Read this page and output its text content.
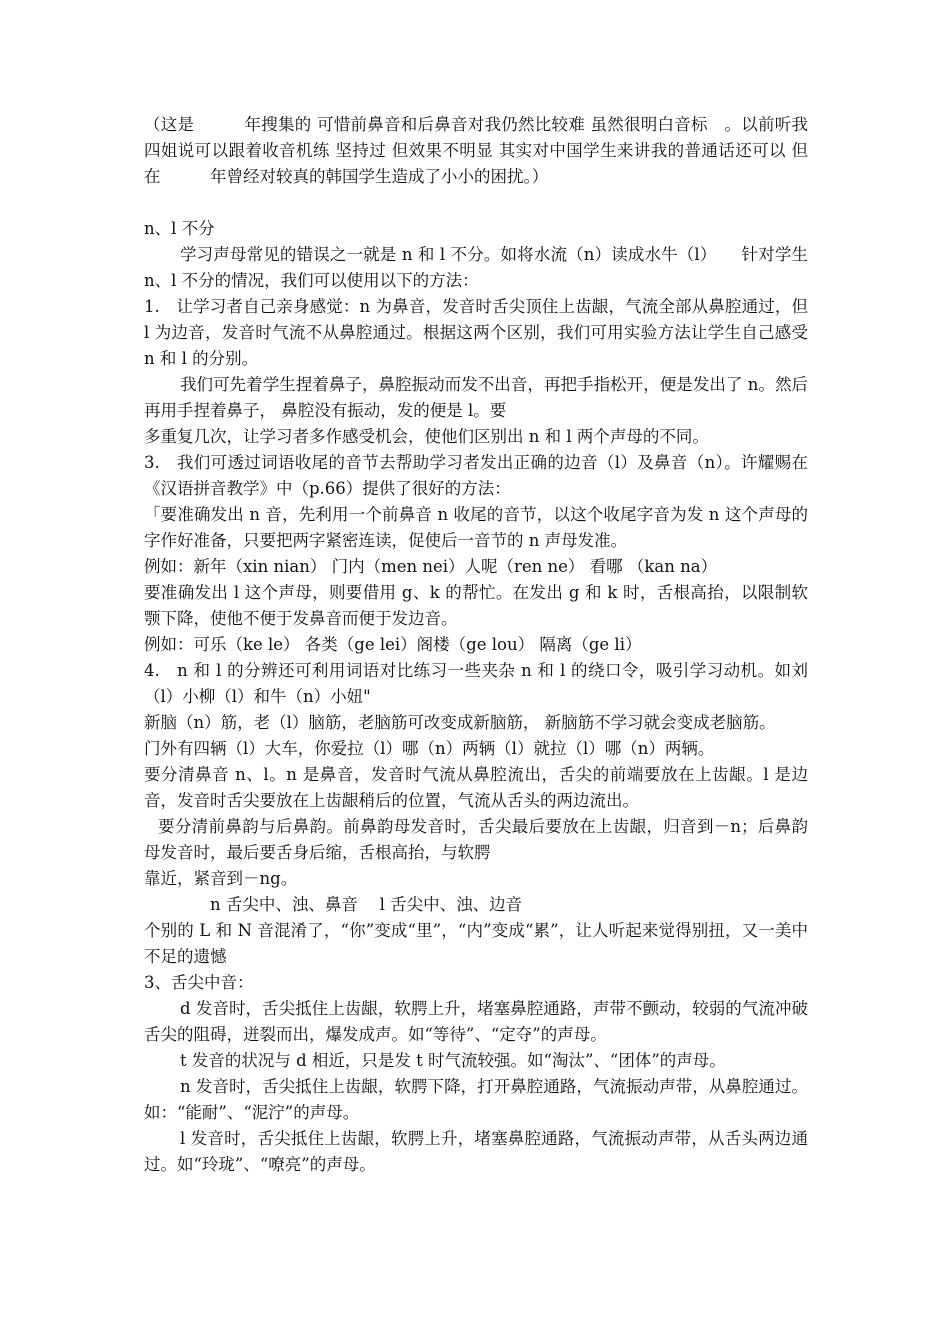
（这是　　　年搜集的 可惜前鼻音和后鼻音对我仍然比较难 虽然很明白音标　。以前听我四姐说可以跟着收音机练 坚持过 但效果不明显 其实对中国学生来讲我的普通话还可以 但在　　　年曾经对较真的韩国学生造成了小小的困扰。）

n、l 不分

学习声母常见的错误之一就是 n 和 l 不分。如将水流（n）读成水牛（l）　　针对学生 n、l 不分的情况，我们可以使用以下的方法：

1.　让学习者自己亲身感觉：n 为鼻音，发音时舌尖顶住上齿龈，气流全部从鼻腔通过，但 l 为边音，发音时气流不从鼻腔通过。根据这两个区别，我们可用实验方法让学生自己感受 n 和 l 的分别。

我们可先着学生捏着鼻子，鼻腔振动而发不出音，再把手指松开，便是发出了 n。然后再用手捏着鼻子， 鼻腔没有振动，发的便是 l。要

多重复几次，让学习者多作感受机会，使他们区别出 n 和 l 两个声母的不同。

3.　我们可透过词语收尾的音节去帮助学习者发出正确的边音（l）及鼻音（n）。许耀赐在《汉语拼音教学》中（p.66）提供了很好的方法：

「要准确发出 n 音，先利用一个前鼻音 n 收尾的音节，以这个收尾字音为发 n 这个声母的字作好准备，只要把两字紧密连读，促使后一音节的 n 声母发准。

例如：新年（xin nian） 门内（men nei）人呢（ren ne） 看哪 （kan na）

要准确发出 l 这个声母，则要借用 g、k 的帮忙。在发出 g 和 k 时，舌根高抬，以限制软颚下降，使他不便于发鼻音而便于发边音。

例如：可乐（ke le） 各类（ge lei）阁楼（ge lou） 隔离（ge li）

4.　n 和 l 的分辨还可利用词语对比练习一些夹杂 n 和 l 的绕口令，吸引学习动机。如刘（l）小柳（l）和牛（n）小妞"

新脑（n）筋，老（l）脑筋，老脑筋可改变成新脑筋， 新脑筋不学习就会变成老脑筋。

门外有四辆（l）大车，你爱拉（l）哪（n）两辆（l）就拉（l）哪（n）两辆。

要分清鼻音 n、l。n 是鼻音，发音时气流从鼻腔流出，舌尖的前端要放在上齿龈。l 是边音，发音时舌尖要放在上齿龈稍后的位置，气流从舌头的两边流出。

要分清前鼻韵与后鼻韵。前鼻韵母发音时，舌尖最后要放在上齿龈，归音到－n；后鼻韵母发音时，最后要舌身后缩，舌根高抬，与软腭

靠近，紧音到－ng。

n 舌尖中、浊、鼻音　 l 舌尖中、浊、边音

个别的 L 和 N 音混淆了，“你”变成“里”，“内”变成“累”，让人听起来觉得别扭，又一美中不足的遗憾

3、舌尖中音：

d 发音时，舌尖抵住上齿龈，软腭上升，堵塞鼻腔通路，声带不颤动，较弱的气流冲破舌尖的阻碍，迸裂而出，爆发成声。如“等待”、“定夺”的声母。

t 发音的状况与 d 相近，只是发 t 时气流较强。如“淘汰”、“团体”的声母。

n 发音时，舌尖抵住上齿龈，软腭下降，打开鼻腔通路，气流振动声带，从鼻腔通过。如：“能耐”、“泥泞”的声母。

l 发音时，舌尖抵住上齿龈，软腭上升，堵塞鼻腔通路，气流振动声带，从舌头两边通过。如“玲珑”、“嘹亮”的声母。
